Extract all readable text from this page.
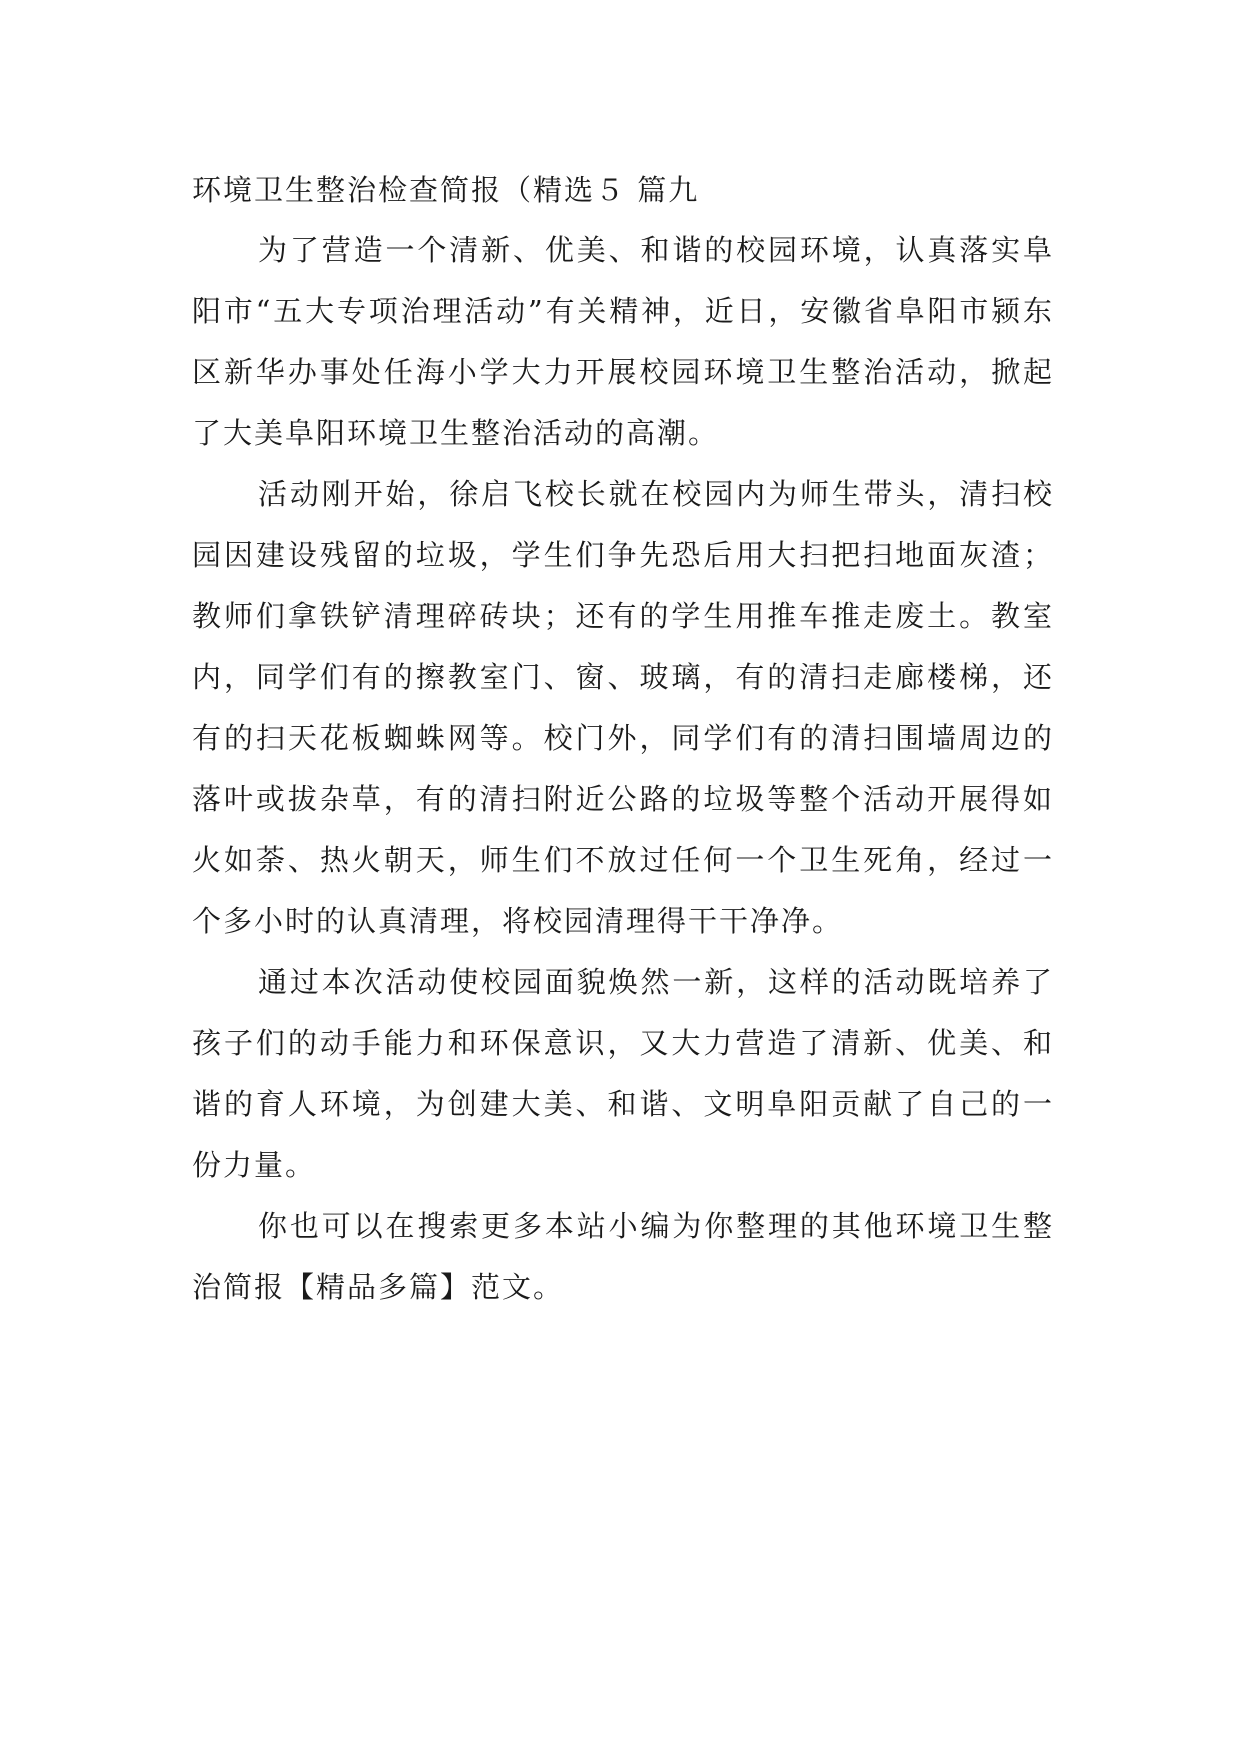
环境卫生整治检查简报（精选５ 篇九

为了营造一个清新、优美、和谐的校园环境，认真落实阜阳市“五大专项治理活动”有关精神，近日，安徽省阜阳市颍东区新华办事处任海小学大力开展校园环境卫生整治活动，掀起了大美阜阳环境卫生整治活动的高潮。

活动刚开始，徐启飞校长就在校园内为师生带头，清扫校园因建设残留的垃圾，学生们争先恐后用大扫把扫地面灰渣；教师们拿铁铲清理碎砖块；还有的学生用推车推走废土。教室内，同学们有的擦教室门、窗、玻璃，有的清扫走廊楼梯，还有的扫天花板蜘蛛网等。校门外，同学们有的清扫围墙周边的落叶或拔杂草，有的清扫附近公路的垃圾等整个活动开展得如火如荼、热火朝天，师生们不放过任何一个卫生死角，经过一个多小时的认真清理，将校园清理得干干净净。

通过本次活动使校园面貌焕然一新，这样的活动既培养了孩子们的动手能力和环保意识，又大力营造了清新、优美、和谐的育人环境，为创建大美、和谐、文明阜阳贡献了自己的一份力量。

你也可以在搜索更多本站小编为你整理的其他环境卫生整治简报【精品多篇】范文。
